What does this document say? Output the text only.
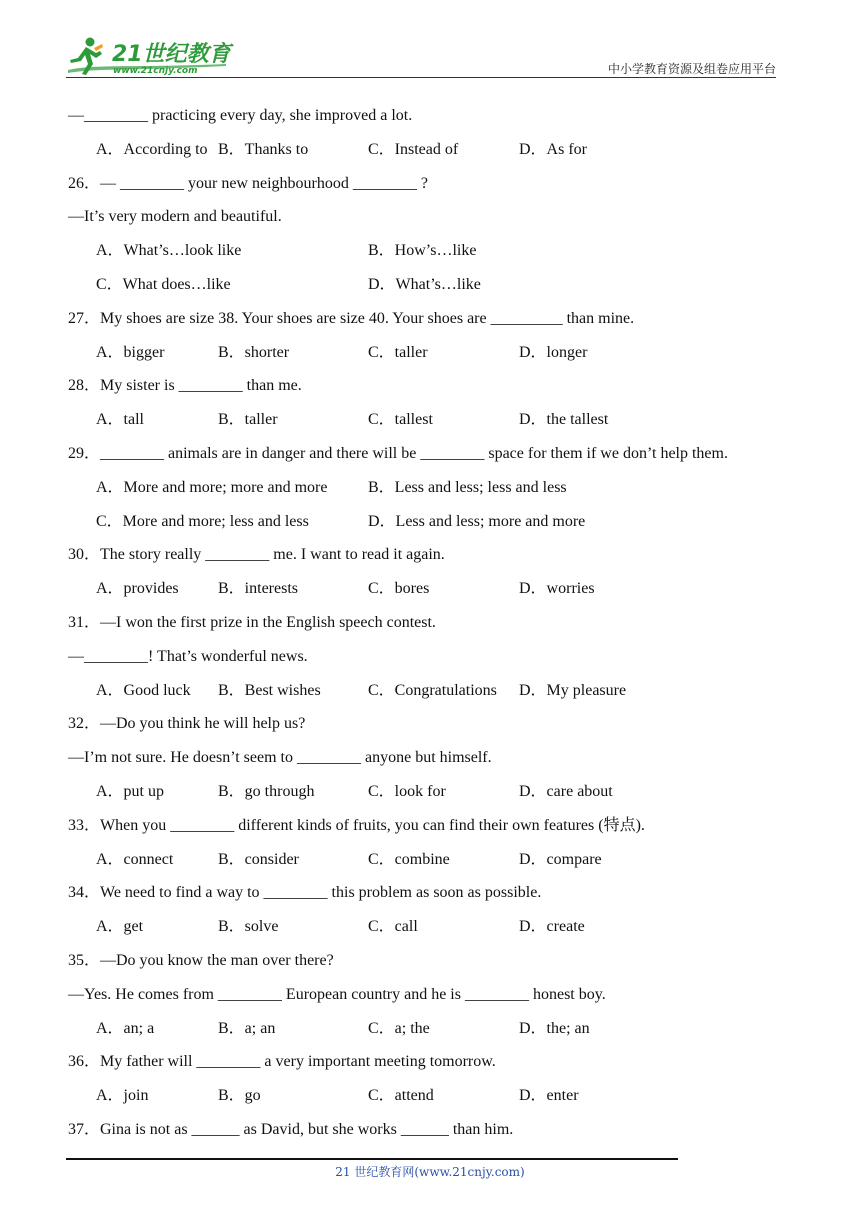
21世纪教育
www.21cnjy.com	中小学教育资源及组卷应用平台
—________ practicing every day, she improved a lot.
A．According to B．Thanks to	C．Instead of	D．As for
26．— ________ your new neighbourhood ________ ?
—It’s very modern and beautiful.
A．What’s…look like	B．How’s…like
C．What does…like	D．What’s…like
27．My shoes are size 38. Your shoes are size 40. Your shoes are _________ than mine.
A．bigger	B．shorter	C．taller	D．longer
28．My sister is ________ than me.
A．tall	B．taller	C．tallest	D．the tallest
29．________ animals are in danger and there will be ________ space for them if we don’t help them.
A．More and more; more and more	B．Less and less; less and less
C．More and more; less and less	D．Less and less; more and more
30．The story really ________ me. I want to read it again.
A．provides B．interests	C．bores	D．worries
31．—I won the first prize in the English speech contest.
—________! That’s wonderful news.
A．Good luck B．Best wishes	C．Congratulations D．My pleasure
32．—Do you think he will help us?
—I’m not sure. He doesn’t seem to ________ anyone but himself.
A．put up	B．go through	C．look for	D．care about
33．When you ________ different kinds of fruits, you can find their own features (特点).
A．connect	B．consider	C．combine	D．compare
34．We need to find a way to ________ this problem as soon as possible.
A．get	B．solve	C．call	D．create
35．—Do you know the man over there?
—Yes. He comes from ________ European country and he is ________ honest boy.
A．an; a	B．a; an	C．a; the	D．the; an
36．My father will ________ a very important meeting tomorrow.
A．join	B．go	C．attend	D．enter
37．Gina is not as ______ as David, but she works ______ than him.
21 世纪教育网(www.21cnjy.com)
